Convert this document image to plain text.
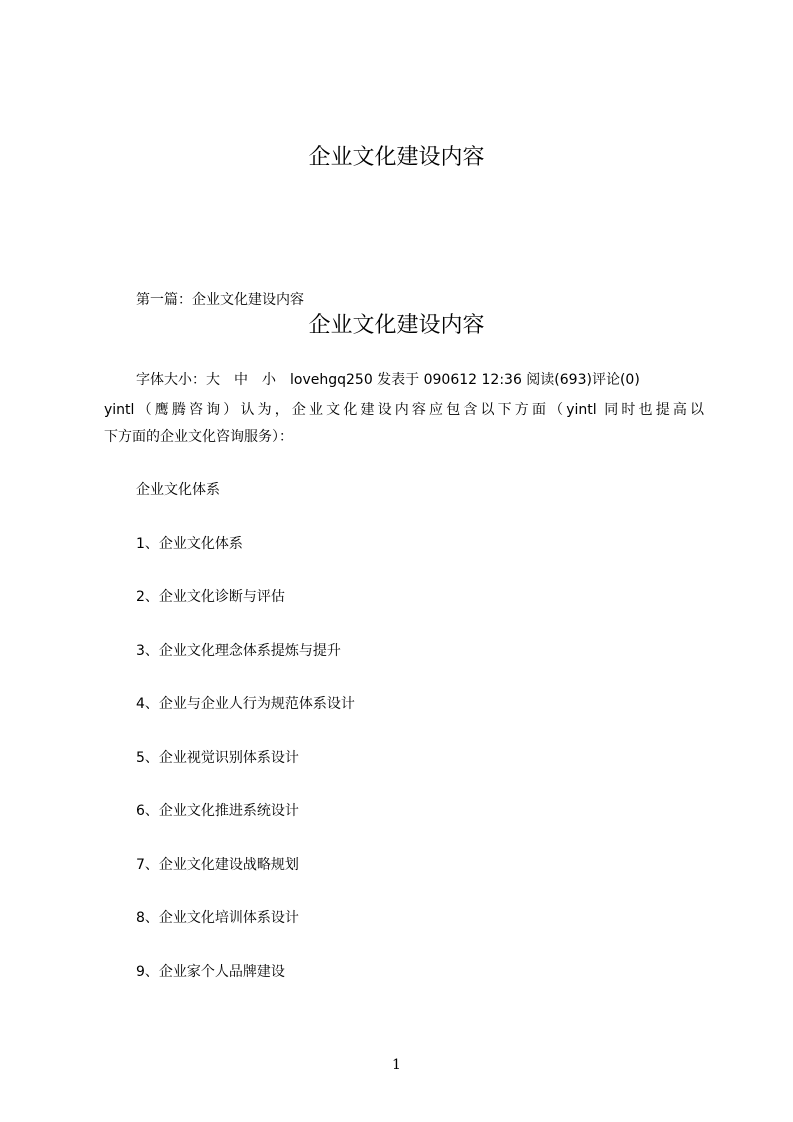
企业文化建设内容
第一篇：企业文化建设内容
企业文化建设内容
字体大小：大 中 小 lovehgq250 发表于 090612 12:36 阅读(693)评论(0)
yintl（鹰腾咨询）认为，企业文化建设内容应包含以下方面（yintl 同时也提高以
下方面的企业文化咨询服务）：
企业文化体系
1、企业文化体系
2、企业文化诊断与评估
3、企业文化理念体系提炼与提升
4、企业与企业人行为规范体系设计
5、企业视觉识别体系设计
6、企业文化推进系统设计
7、企业文化建设战略规划
8、企业文化培训体系设计
9、企业家个人品牌建设
1
